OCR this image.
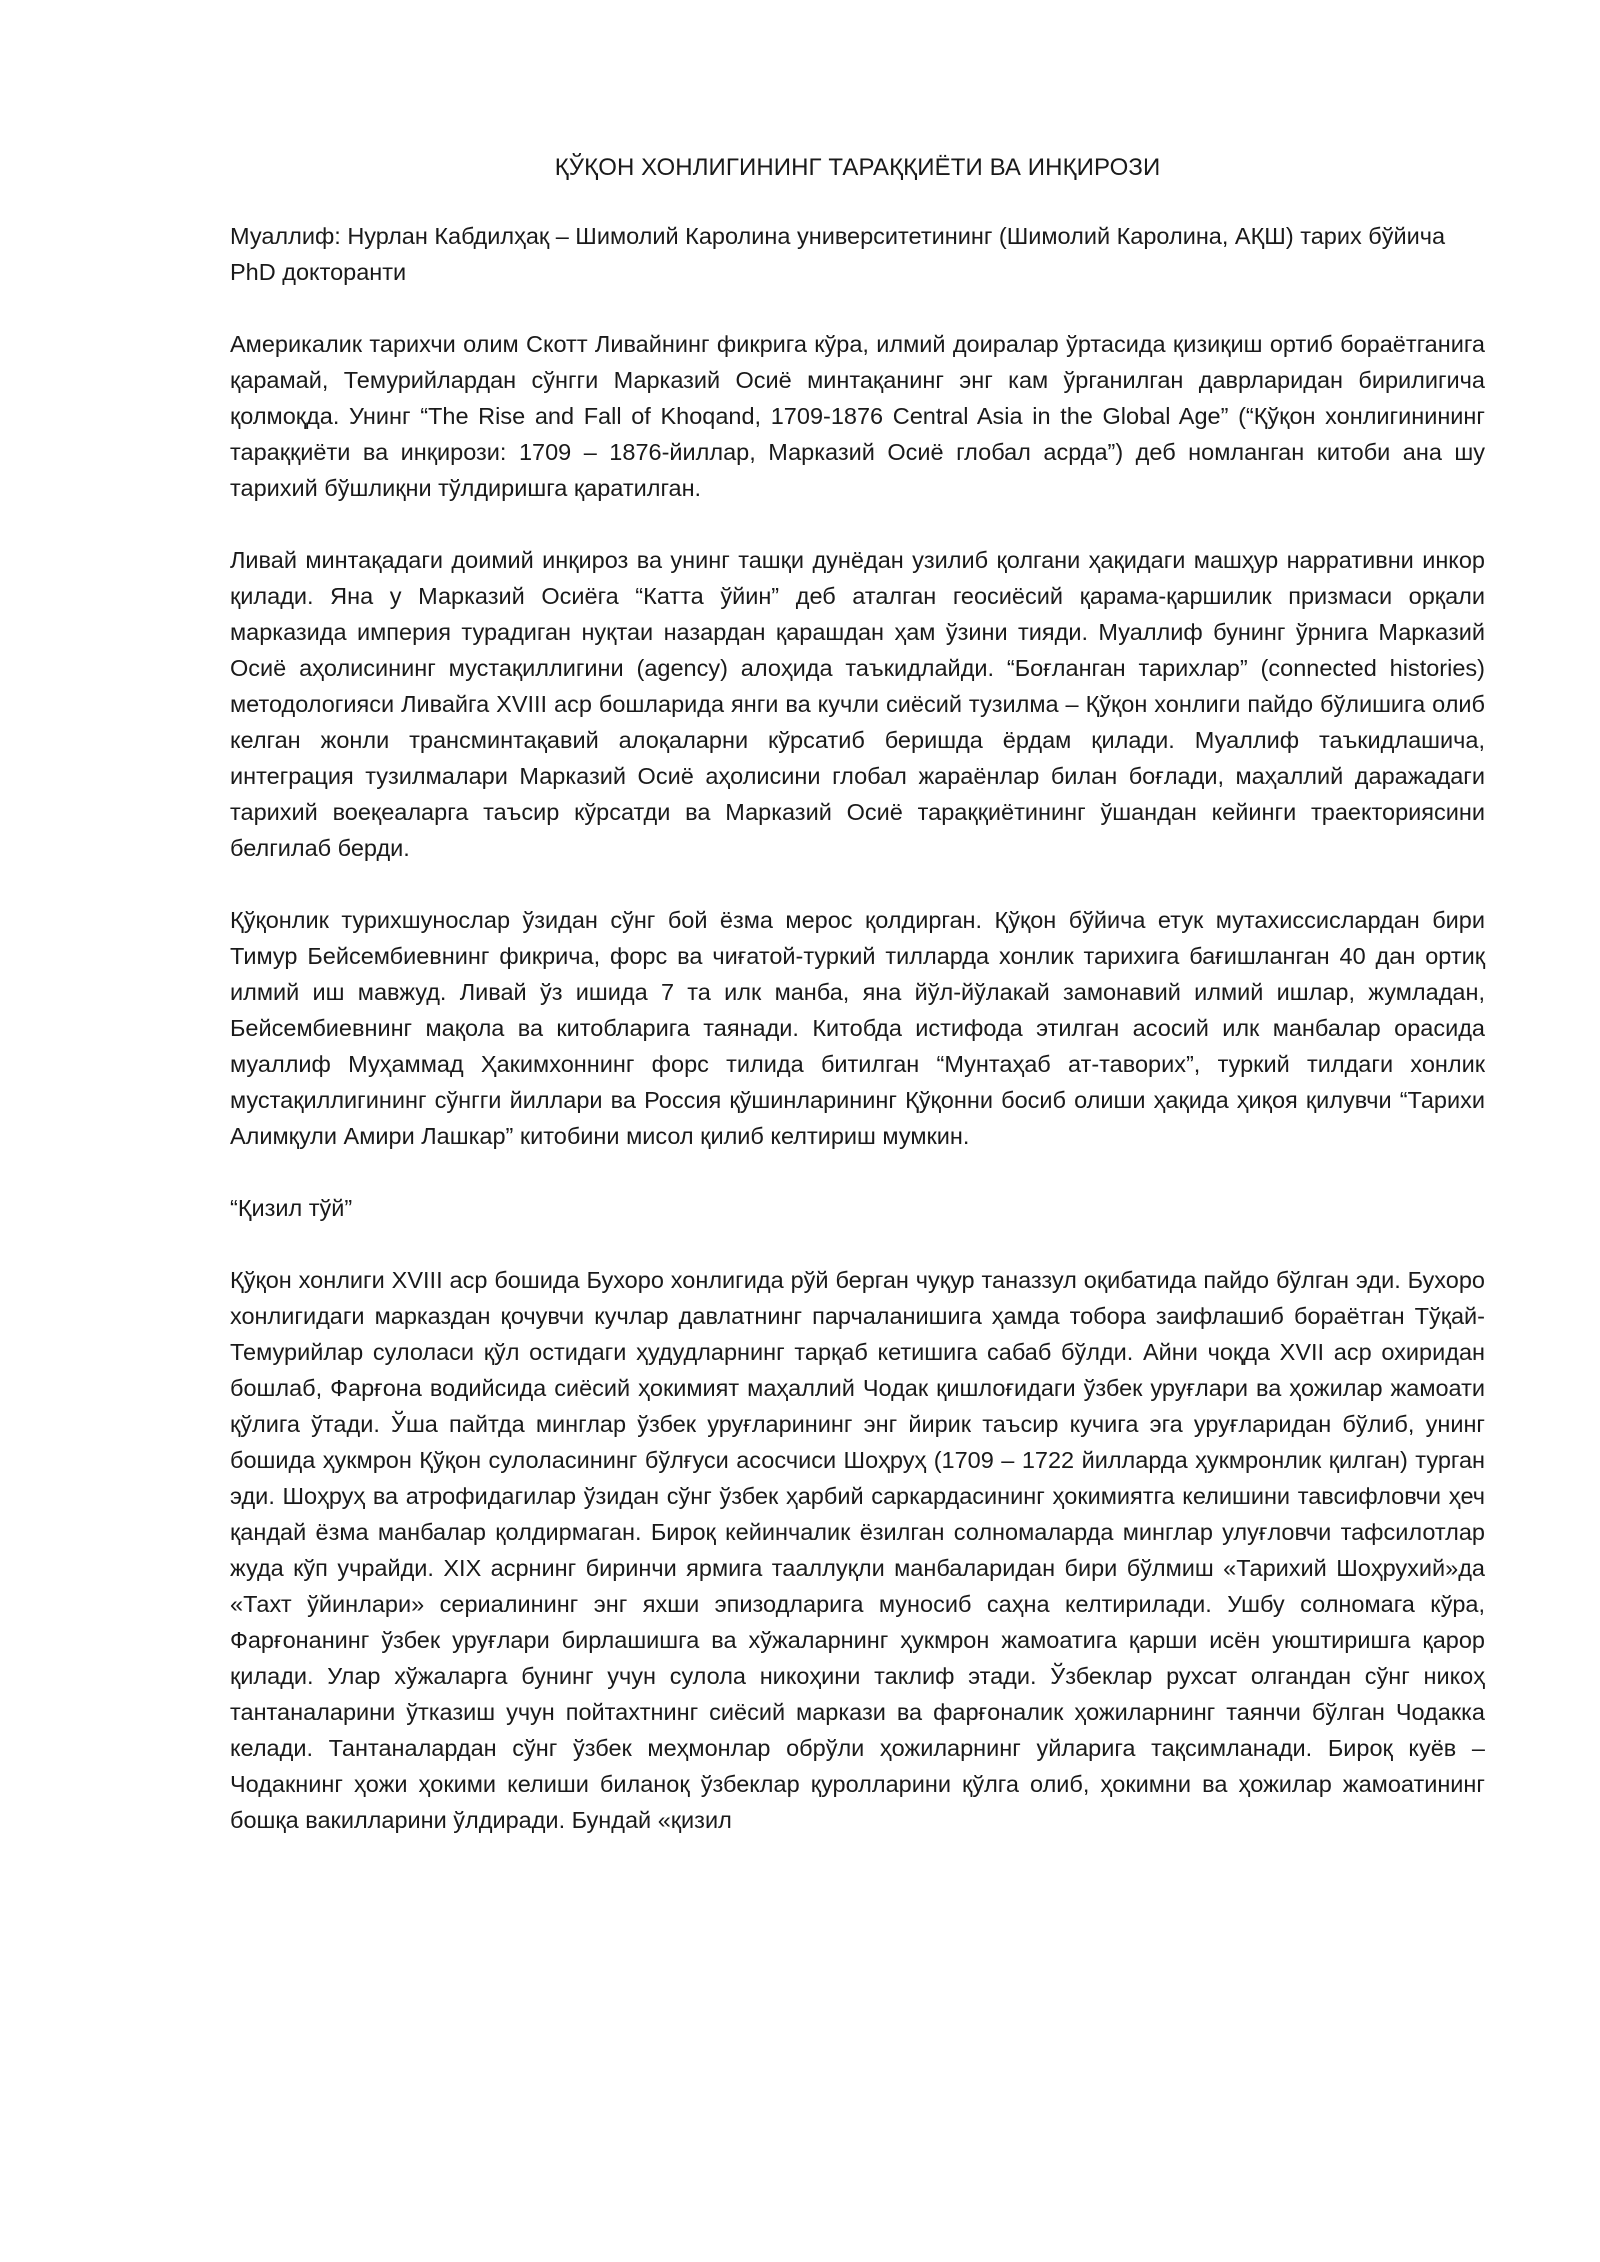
ҚЎҚОН ХОНЛИГИНИНГ ТАРАҚҚИЁТИ ВА ИНҚИРОЗИ

Муаллиф: Нурлан Кабдилҳақ – Шимолий Каролина университетининг (Шимолий Каролина, АҚШ) тарих бўйича PhD докторанти

Америкалик тарихчи олим Скотт Ливайнинг фикрига кўра, илмий доиралар ўртасида қизиқиш ортиб бораётганига қарамай, Темурийлардан сўнгги Марказий Осиё минтақанинг энг кам ўрганилган даврларидан бирилигича қолмоқда. Унинг “The Rise and Fall of Khoqand, 1709-1876 Central Asia in the Global Age” (“Қўқон хонлигинининг тараққиёти ва инқирози: 1709 – 1876-йиллар, Марказий Осиё глобал асрда”) деб номланган китоби ана шу тарихий бўшлиқни тўлдиришга қаратилган.

Ливай минтақадаги доимий инқироз ва унинг ташқи дунёдан узилиб қолгани ҳақидаги машҳур нарративни инкор қилади. Яна у Марказий Осиёга “Катта ўйин” деб аталган геосиёсий қарама-қаршилик призмаси орқали марказида империя турадиган нуқтаи назардан қарашдан ҳам ўзини тияди. Муаллиф бунинг ўрнига Марказий Осиё аҳолисининг мустақиллигини (agency) алоҳида таъкидлайди. “Боғланган тарихлар” (connected histories) методологияси Ливайга XVIII аср бошларида янги ва кучли сиёсий тузилма – Қўқон хонлиги пайдо бўлишига олиб келган жонли трансминтақавий алоқаларни кўрсатиб беришда ёрдам қилади. Муаллиф таъкидлашича, интеграция тузилмалари Марказий Осиё аҳолисини глобал жараёнлар билан боғлади, маҳаллий даражадаги тарихий воеқеаларга таъсир кўрсатди ва Марказий Осиё тараққиётининг ўшандан кейинги траекториясини белгилаб берди.

Қўқонлик турихшунослар ўзидан сўнг бой ёзма мерос қолдирган. Қўқон бўйича етук мутахиссислардан бири Тимур Бейсембиевнинг фикрича, форс ва чиғатой-туркий тилларда хонлик тарихига бағишланган 40 дан ортиқ илмий иш мавжуд. Ливай ўз ишида 7 та илк манба, яна йўл-йўлакай замонавий илмий ишлар, жумладан, Бейсембиевнинг мақола ва китобларига таянади. Китобда истифода этилган асосий илк манбалар орасида муаллиф Муҳаммад Ҳакимхоннинг форс тилида битилган “Мунтаҳаб ат-таворих”, туркий тилдаги хонлик мустақиллигининг сўнгги йиллари ва Россия қўшинларининг Қўқонни босиб олиши ҳақида ҳиқоя қилувчи “Тарихи Алимқули Амири Лашкар” китобини мисол қилиб келтириш мумкин.

“Қизил тўй”

Қўқон хонлиги XVIII аср бошида Бухоро хонлигида рўй берган чуқур таназзул оқибатида пайдо бўлган эди. Бухоро хонлигидаги марказдан қочувчи кучлар давлатнинг парчаланишига ҳамда тобора заифлашиб бораётган Тўқай-Темурийлар сулоласи қўл остидаги ҳудудларнинг тарқаб кетишига сабаб бўлди. Айни чоқда XVII аср охиридан бошлаб, Фарғона водийсида сиёсий ҳокимият маҳаллий Чодак қишлоғидаги ўзбек уруғлари ва ҳожилар жамоати қўлига ўтади. Ўша пайтда минглар ўзбек уруғларининг энг йирик таъсир кучига эга уруғларидан бўлиб, унинг бошида ҳукмрон Қўқон сулоласининг бўлғуси асосчиси Шоҳруҳ (1709 – 1722 йилларда ҳукмронлик қилган) турган эди. Шоҳруҳ ва атрофидагилар ўзидан сўнг ўзбек ҳарбий саркардасининг ҳокимиятга келишини тавсифловчи ҳеч қандай ёзма манбалар қолдирмаган. Бироқ кейинчалик ёзилган солномаларда минглар улуғловчи тафсилотлар жуда кўп учрайди. XIX асрнинг биринчи ярмига тааллуқли манбаларидан бири бўлмиш «Тарихий Шоҳрухий»да «Тахт ўйинлари» сериалининг энг яхши эпизодларига муносиб саҳна келтирилади. Ушбу солномага кўра, Фарғонанинг ўзбек уруғлари бирлашишга ва хўжаларнинг ҳукмрон жамоатига қарши исён уюштиришга қарор қилади. Улар хўжаларга бунинг учун сулола никоҳини таклиф этади. Ўзбеклар рухсат олгандан сўнг никоҳ тантаналарини ўтказиш учун пойтахтнинг сиёсий маркази ва фарғоналик ҳожиларнинг таянчи бўлган Чодакка келади. Тантаналардан сўнг ўзбек меҳмонлар обрўли ҳожиларнинг уйларига тақсимланади. Бироқ куёв – Чодакнинг ҳожи ҳокими келиши биланоқ ўзбеклар қуролларини қўлга олиб, ҳокимни ва ҳожилар жамоатининг бошқа вакилларини ўлдиради. Бундай «қизил
